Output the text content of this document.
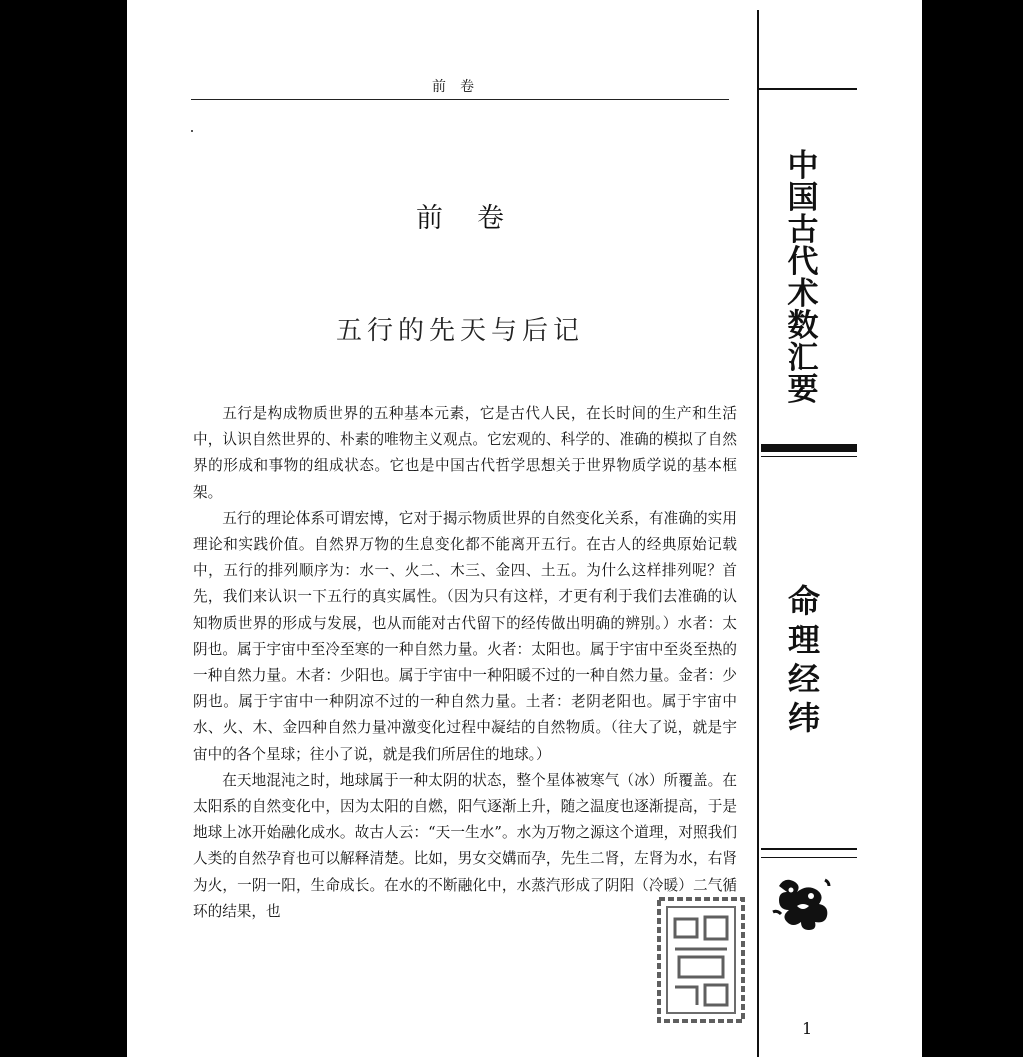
前卷
前卷
五行的先天与后记

五行是构成物质世界的五种基本元素，它是古代人民，在长时间的生产和生活中，认识自然世界的、朴素的唯物主义观点。它宏观的、科学的、准确的模拟了自然界的形成和事物的组成状态。它也是中国古代哲学思想关于世界物质学说的基本框架。

五行的理论体系可谓宏博，它对于揭示物质世界的自然变化关系，有准确的实用理论和实践价值。自然界万物的生息变化都不能离开五行。在古人的经典原始记载中，五行的排列顺序为：水一、火二、木三、金四、土五。为什么这样排列呢？首先，我们来认识一下五行的真实属性。（因为只有这样，才更有利于我们去准确的认知物质世界的形成与发展，也从而能对古代留下的经传做出明确的辨别。）水者：太阴也。属于宇宙中至冷至寒的一种自然力量。火者：太阳也。属于宇宙中至炎至热的一种自然力量。木者：少阳也。属于宇宙中一种阳暖不过的一种自然力量。金者：少阴也。属于宇宙中一种阴凉不过的一种自然力量。土者：老阴老阳也。属于宇宙中水、火、木、金四种自然力量冲激变化过程中凝结的自然物质。（往大了说，就是宇宙中的各个星球；往小了说，就是我们所居住的地球。）

在天地混沌之时，地球属于一种太阴的状态，整个星体被寒气（冰）所覆盖。在太阳系的自然变化中，因为太阳的自燃，阳气逐渐上升，随之温度也逐渐提高，于是地球上冰开始融化成水。故古人云：“天一生水”。水为万物之源这个道理，对照我们人类的自然孕育也可以解释清楚。比如，男女交媾而孕，先生二肾，左肾为水，右肾为火，一阴一阳，生命成长。在水的不断融化中，水蒸汽形成了阴阳（冷暖）二气循环的结果，也

中国古代术数汇要
命理经纬
1
